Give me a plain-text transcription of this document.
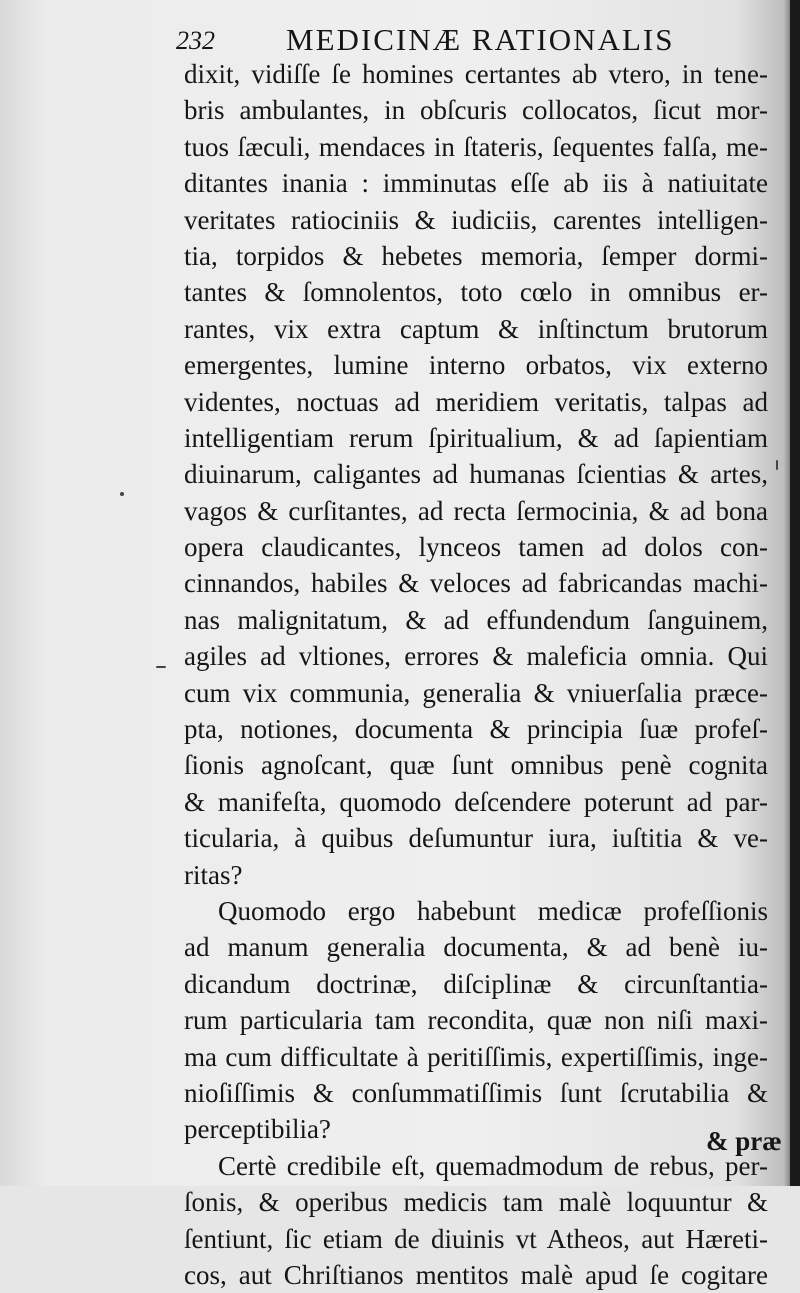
232 MEDICINÆ RATIONALIS
dixit, vidiſſe ſe homines certantes ab vtero, in tene-
bris ambulantes, in obſcuris collocatos, ſicut mor-
tuos ſæculi, mendaces in ſtateris, ſequentes falſa, me-
ditantes inania : imminutas eſſe ab iis à natiuitate
veritates ratiociniis & iudiciis, carentes intelligen-
tia, torpidos & hebetes memoria, ſemper dormi-
tantes & ſomnolentos, toto cœlo in omnibus er-
rantes, vix extra captum & inſtinctum brutorum
emergentes, lumine interno orbatos, vix externo
videntes, noctuas ad meridiem veritatis, talpas ad
intelligentiam rerum ſpiritualium, & ad ſapientiam
diuinarum, caligantes ad humanas ſcientias & artes,
vagos & curſitantes, ad recta ſermocinia, & ad bona
opera claudicantes, lynceos tamen ad dolos con-
cinnandos, habiles & veloces ad fabricandas machi-
nas malignitatum, & ad effundendum ſanguinem,
agiles ad vltiones, errores & maleficia omnia. Qui
cum vix communia, generalia & vniuerſalia præce-
pta, notiones, documenta & principia ſuæ profeſ-
ſionis agnoſcant, quæ ſunt omnibus penè cognita
& manifeſta, quomodo deſcendere poterunt ad par-
ticularia, à quibus deſumuntur iura, iuſtitia & ve-
ritas?
Quomodo ergo habebunt medicæ profeſſionis
ad manum generalia documenta, & ad benè iu-
dicandum doctrinæ, diſciplinæ & circunſtantia-
rum particularia tam recondita, quæ non niſi maxi-
ma cum difficultate à peritiſſimis, expertiſſimis, inge-
nioſiſſimis & conſummatiſſimis ſunt ſcrutabilia &
perceptibilia?
Certè credibile eſt, quemadmodum de rebus, per-
ſonis, & operibus medicis tam malè loquuntur &
ſentiunt, ſic etiam de diuinis vt Atheos, aut Hæreti-
cos, aut Chriſtianos mentitos malè apud ſe cogitare
& præ
